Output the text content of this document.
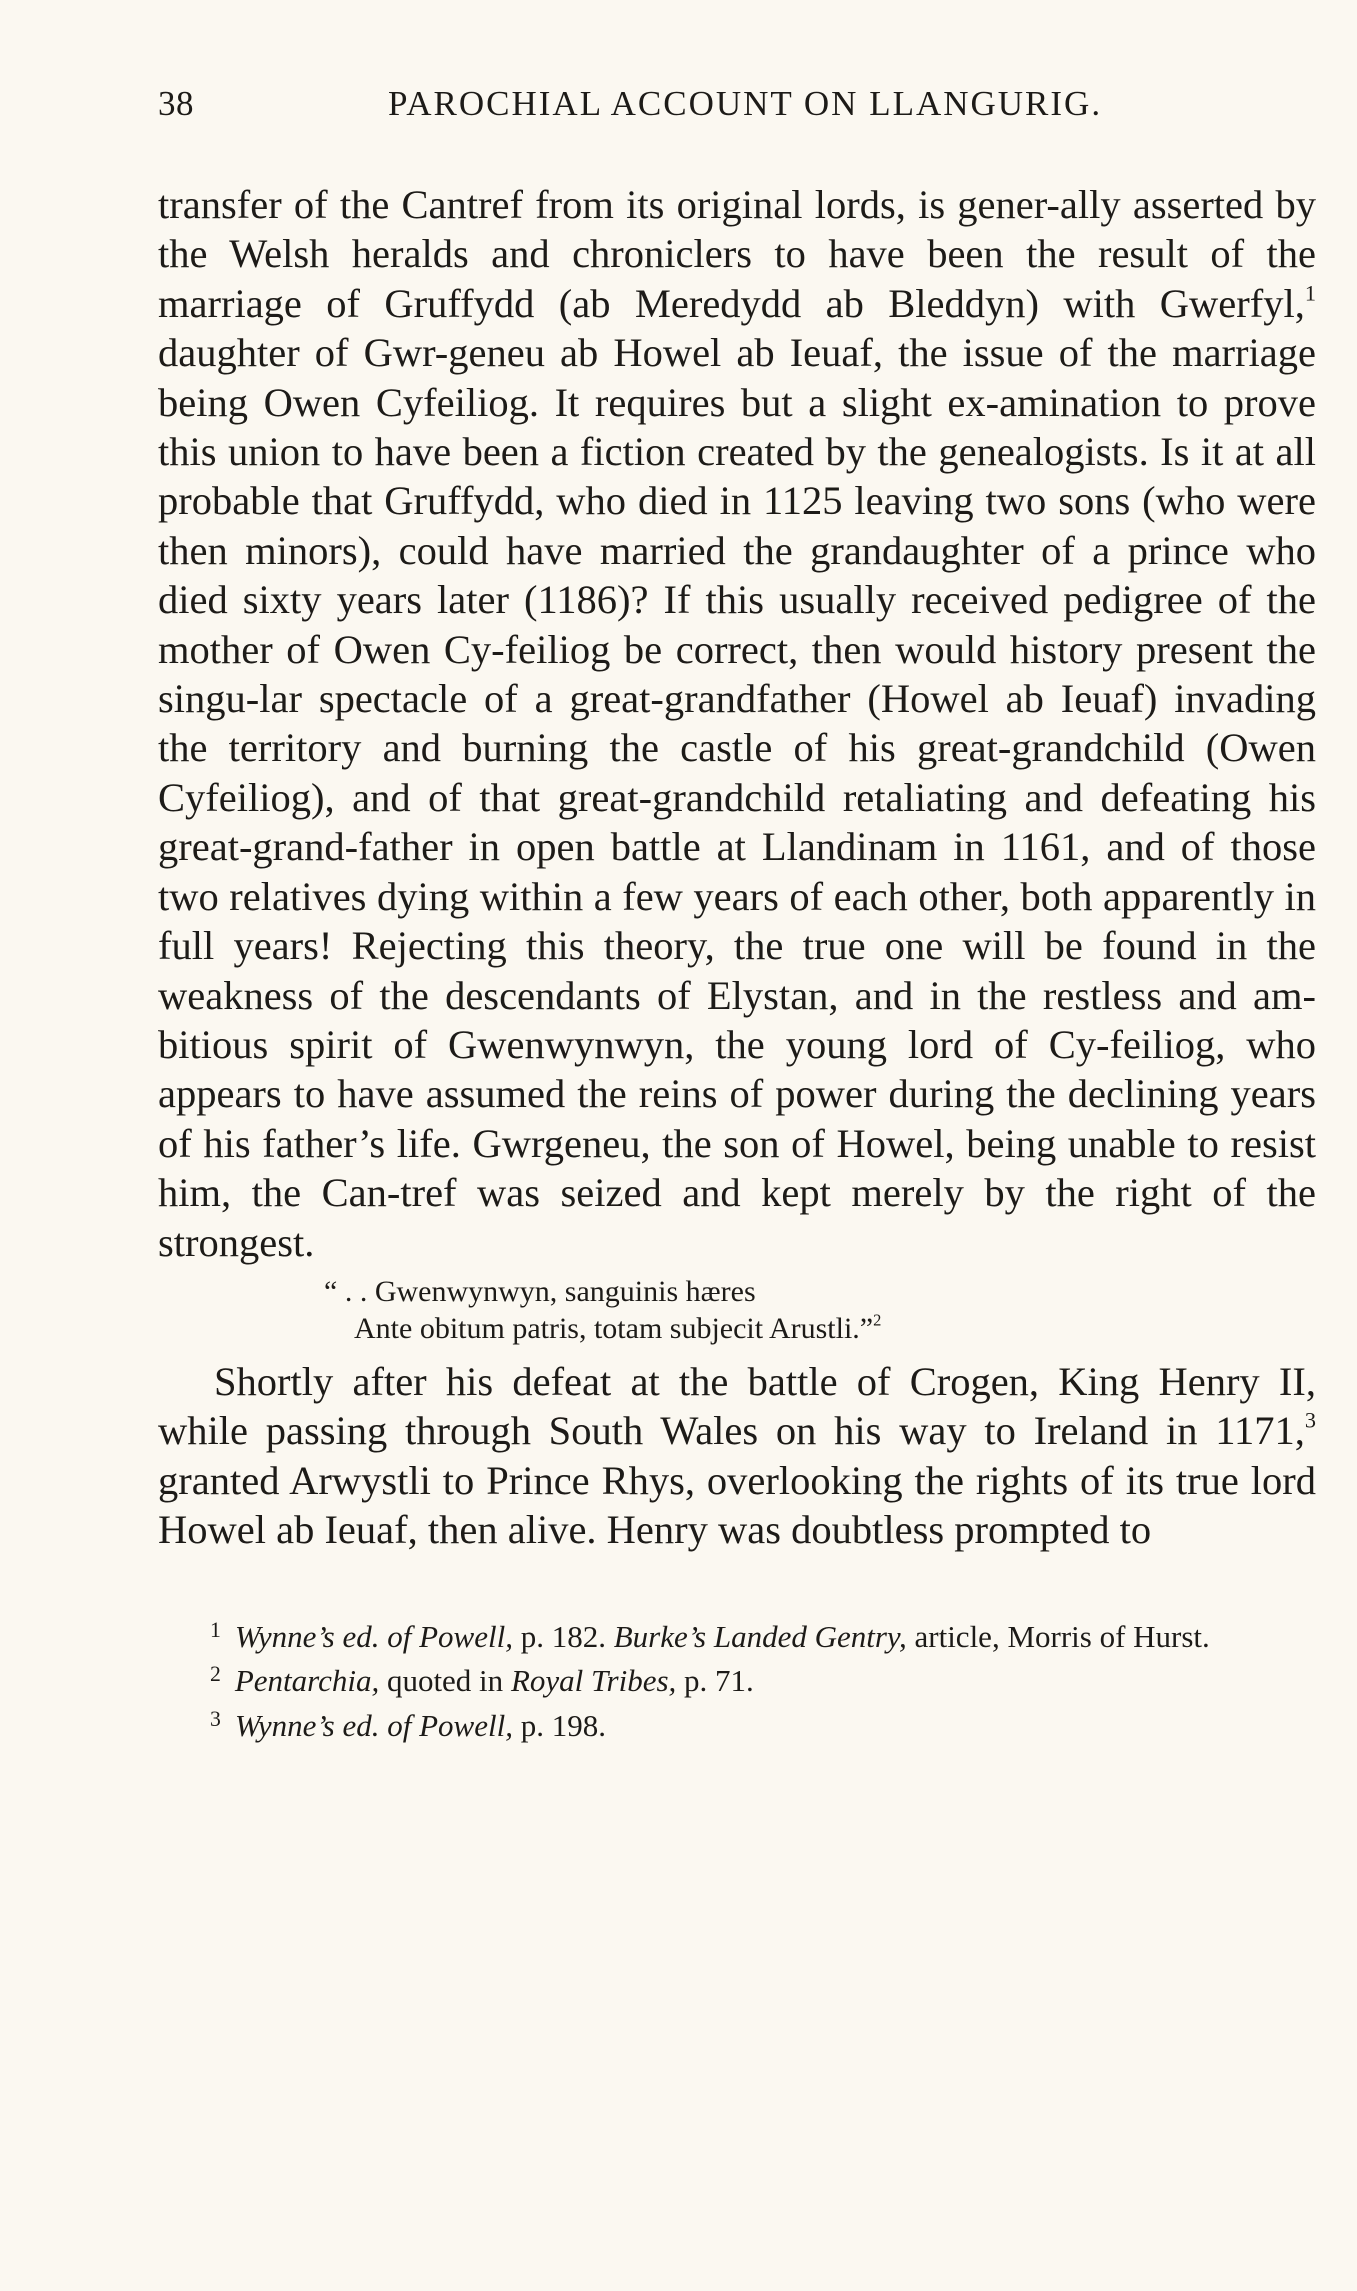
38	PAROCHIAL ACCOUNT ON LLANGURIG.

transfer of the Cantref from its original lords, is gener-ally asserted by the Welsh heralds and chroniclers to have been the result of the marriage of Gruffydd (ab Meredydd ab Bleddyn) with Gwerfyl,$^1$ daughter of Gwr-geneu ab Howel ab Ieuaf, the issue of the marriage being Owen Cyfeiliog. It requires but a slight ex-amination to prove this union to have been a fiction created by the genealogists. Is it at all probable that Gruffydd, who died in 1125 leaving two sons (who were then minors), could have married the grandaughter of a prince who died sixty years later (1186)? If this usually received pedigree of the mother of Owen Cy-feiliog be correct, then would history present the singu-lar spectacle of a great-grandfather (Howel ab Ieuaf) invading the territory and burning the castle of his great-grandchild (Owen Cyfeiliog), and of that great-grandchild retaliating and defeating his great-grand-father in open battle at Llandinam in 1161, and of those two relatives dying within a few years of each other, both apparently in full years! Rejecting this theory, the true one will be found in the weakness of the descendants of Elystan, and in the restless and am-bitious spirit of Gwenwynwyn, the young lord of Cy-feiliog, who appears to have assumed the reins of power during the declining years of his father’s life. Gwrgeneu, the son of Howel, being unable to resist him, the Can-tref was seized and kept merely by the right of the strongest.

“ . . Gwenwynwyn, sanguinis hæres
Ante obitum patris, totam subjecit Arustli.”$^2$

Shortly after his defeat at the battle of Crogen, King Henry II, while passing through South Wales on his way to Ireland in 1171,$^3$ granted Arwystli to Prince Rhys, overlooking the rights of its true lord Howel ab Ieuaf, then alive. Henry was doubtless prompted to

$^1$ Wynne’s ed. of Powell, p. 182. Burke’s Landed Gentry, article, Morris of Hurst.

$^2$ Pentarchia, quoted in Royal Tribes, p. 71.

$^3$ Wynne’s ed. of Powell, p. 198.
